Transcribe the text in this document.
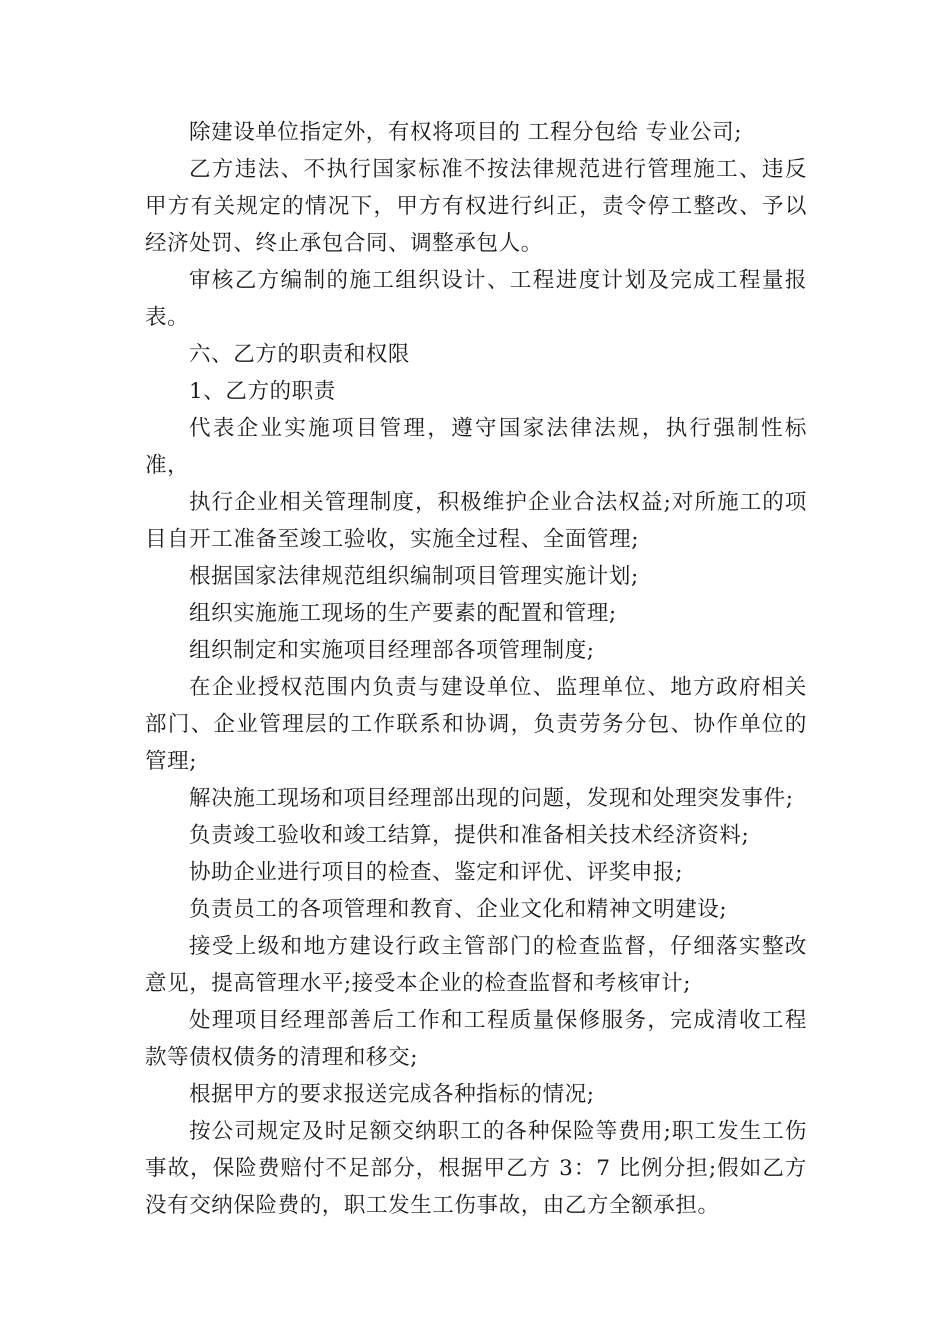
除建设单位指定外，有权将项目的 工程分包给 专业公司;

乙方违法、不执行国家标准不按法律规范进行管理施工、违反甲方有关规定的情况下，甲方有权进行纠正，责令停工整改、予以经济处罚、终止承包合同、调整承包人。

审核乙方编制的施工组织设计、工程进度计划及完成工程量报表。

六、乙方的职责和权限

1、乙方的职责

代表企业实施项目管理，遵守国家法律法规，执行强制性标准，

执行企业相关管理制度，积极维护企业合法权益;对所施工的项目自开工准备至竣工验收，实施全过程、全面管理;

根据国家法律规范组织编制项目管理实施计划;

组织实施施工现场的生产要素的配置和管理;

组织制定和实施项目经理部各项管理制度;

在企业授权范围内负责与建设单位、监理单位、地方政府相关部门、企业管理层的工作联系和协调，负责劳务分包、协作单位的管理;

解决施工现场和项目经理部出现的问题，发现和处理突发事件;

负责竣工验收和竣工结算，提供和准备相关技术经济资料;

协助企业进行项目的检查、鉴定和评优、评奖申报;

负责员工的各项管理和教育、企业文化和精神文明建设;

接受上级和地方建设行政主管部门的检查监督，仔细落实整改意见，提高管理水平;接受本企业的检查监督和考核审计;

处理项目经理部善后工作和工程质量保修服务，完成清收工程款等债权债务的清理和移交;

根据甲方的要求报送完成各种指标的情况;

按公司规定及时足额交纳职工的各种保险等费用;职工发生工伤事故，保险费赔付不足部分，根据甲乙方 3：7 比例分担;假如乙方没有交纳保险费的，职工发生工伤事故，由乙方全额承担。
